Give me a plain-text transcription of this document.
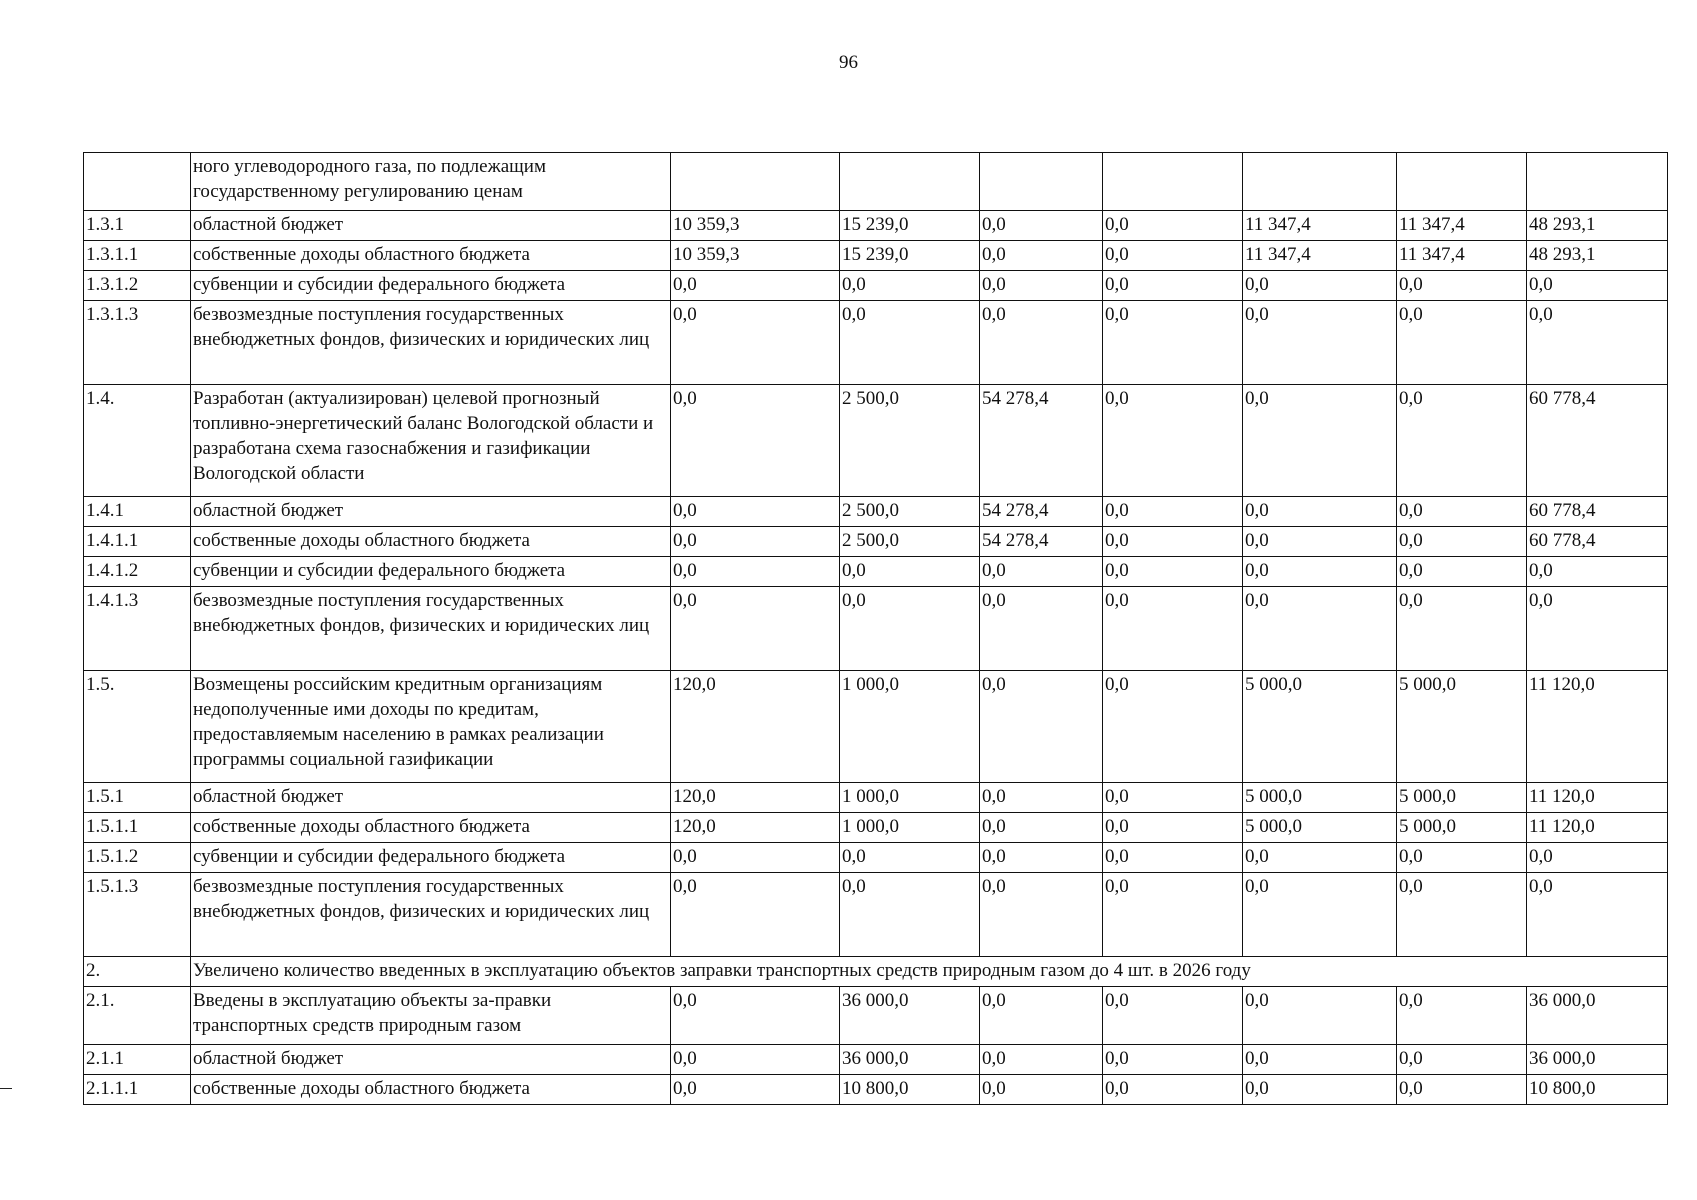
96
	ного углеводородного газа, по подлежащим государственному регулированию ценам							
1.3.1	областной бюджет	10 359,3	15 239,0	0,0	0,0	11 347,4	11 347,4	48 293,1
1.3.1.1	собственные доходы областного бюджета	10 359,3	15 239,0	0,0	0,0	11 347,4	11 347,4	48 293,1
1.3.1.2	субвенции и субсидии федерального бюджета	0,0	0,0	0,0	0,0	0,0	0,0	0,0
1.3.1.3	безвозмездные поступления государственных внебюджетных фондов, физических и юридических лиц	0,0	0,0	0,0	0,0	0,0	0,0	0,0
1.4.	Разработан (актуализирован) целевой прогнозный топливно-энергетический баланс Вологодской области и разработана схема газоснабжения и газификации Вологодской области	0,0	2 500,0	54 278,4	0,0	0,0	0,0	60 778,4
1.4.1	областной бюджет	0,0	2 500,0	54 278,4	0,0	0,0	0,0	60 778,4
1.4.1.1	собственные доходы областного бюджета	0,0	2 500,0	54 278,4	0,0	0,0	0,0	60 778,4
1.4.1.2	субвенции и субсидии федерального бюджета	0,0	0,0	0,0	0,0	0,0	0,0	0,0
1.4.1.3	безвозмездные поступления государственных внебюджетных фондов, физических и юридических лиц	0,0	0,0	0,0	0,0	0,0	0,0	0,0
1.5.	Возмещены российским кредитным организациям недополученные ими доходы по кредитам, предоставляемым населению в рамках реализации программы социальной газификации	120,0	1 000,0	0,0	0,0	5 000,0	5 000,0	11 120,0
1.5.1	областной бюджет	120,0	1 000,0	0,0	0,0	5 000,0	5 000,0	11 120,0
1.5.1.1	собственные доходы областного бюджета	120,0	1 000,0	0,0	0,0	5 000,0	5 000,0	11 120,0
1.5.1.2	субвенции и субсидии федерального бюджета	0,0	0,0	0,0	0,0	0,0	0,0	0,0
1.5.1.3	безвозмездные поступления государственных внебюджетных фондов, физических и юридических лиц	0,0	0,0	0,0	0,0	0,0	0,0	0,0
2.	Увеличено количество введенных в эксплуатацию объектов заправки транспортных средств природным газом до 4 шт. в 2026 году							
2.1.	Введены в эксплуатацию объекты за-правки транспортных средств природным газом	0,0	36 000,0	0,0	0,0	0,0	0,0	36 000,0
2.1.1	областной бюджет	0,0	36 000,0	0,0	0,0	0,0	0,0	36 000,0
2.1.1.1	собственные доходы областного бюджета	0,0	10 800,0	0,0	0,0	0,0	0,0	10 800,0
